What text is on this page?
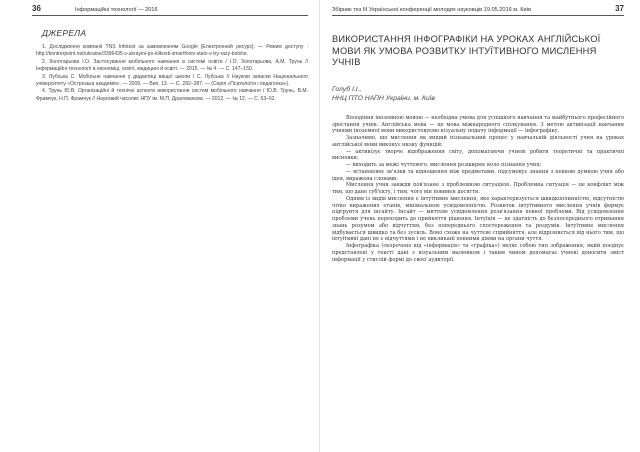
36	Інформаційні технології — 2016
ДЖЕРЕЛА
1. Дослідження компанії TNS Infotest за замовленням Google [Електронний ресурс]. — Режим доступу : http://kontrerpoint.net/ukraine/3396435-v-ukrayini-po-kilkosti-smartfoniv-stalo-v-try-razy-bolshe.
2. Золотарьова І.О. Застосування мобільного навчання в системі освіти / І.О. Золотарьова, А.М. Трунь // Інформаційні технології в економіці, освіті, медицині й освіті. — 2015. — № 4. — С. 147–150.
3. Лубська С. Мобільне навчання у дидактиці вищої школи / С. Лубська // Наукові записки Національного університету «Острозька академія». — 2009. — Вип. 13. — С. 282–287. — (Серія «Психологія і педагогіка»).
4. Трунь Ю.В. Організаційні й технічні аспекти використання систем мобільного навчання / Ю.В. Трунь, В.М. Фрамчук, Н.П. Фрамчук // Науковий часопис НПУ ім. М.П. Драгоманова. — 2012. — № 12. — С. 53–62.
Збірник тез III Української конференції молодих науковців 19.05.2016 м. Київ	37
ВИКОРИСТАННЯ ІНФОГРАФІКИ НА УРОКАХ АНГЛІЙСЬКОЇ МОВИ ЯК УМОВА РОЗВИТКУ ІНТУЇТИВНОГО МИСЛЕННЯ УЧНІВ
Голуб І.І.,
ННЦ ПТО НАПН України, м. Київ

Володіння іноземною мовою — необхідна умова для успішного навчання та майбутнього професійного зростання учнів. Англійська мова — це мова міжнародного спілкування. З метою активізації навчання учнями іноземної мови використовуємо візуальну подачу інформації — інфографіку.

Зазначимо, що мислення як вищий пізнавальний процес у навчальній діяльності учня на уроках англійської мови виконує низку функцій:

— активізує творче відображення світу, допомагаючи учневі робити теоретичні та практичні висновки;

— виходить за межі чуттєвого, мислення розширює коло пізнання учня;

— встановлює зв'язки та відношення між предметами, підсумовує знання з певною думкою учня або ідея, виражена словами.

Мислення учня завжди пов'язане з проблемною ситуацією. Проблемна ситуація — це конфлікт між тим, що дане суб'єкту, і тим, чого він повинен досягти.

Одним із видів мислення є інтуїтивне мислення, яке характеризується швидкоплинністю, відсутністю чітко виражених етапів, мінімальною усвідомленістю. Розвиток інтуїтивного мислення учнів формує підгрунтя для інсайту. Інсайт — миттєве усвідомлення розв'язання певної проблеми. Від усвідомлення проблеми учень переходить до прийняття рішення. Інтуїція — це здатність до безпосереднього отримання знань розумом або відчуттям, без попереднього спостереження та роздумів. Інтуїтивне мислення відбувається швидко та без зусиль. Воно схоже на чуттєве сприйняття, але відрізняється від нього тим, що інтуїтивні дані не є відчуттями і не викликані певними діями на органи чуття.

Інфографіка (скорочено від «інформація» та «графіка») являє собою тип зображення, який поєднує представлені у тексті дані з візуальним малюнком і таким чином допомагає учневі доносити зміст інформації у стислій формі до своєї аудиторії.
